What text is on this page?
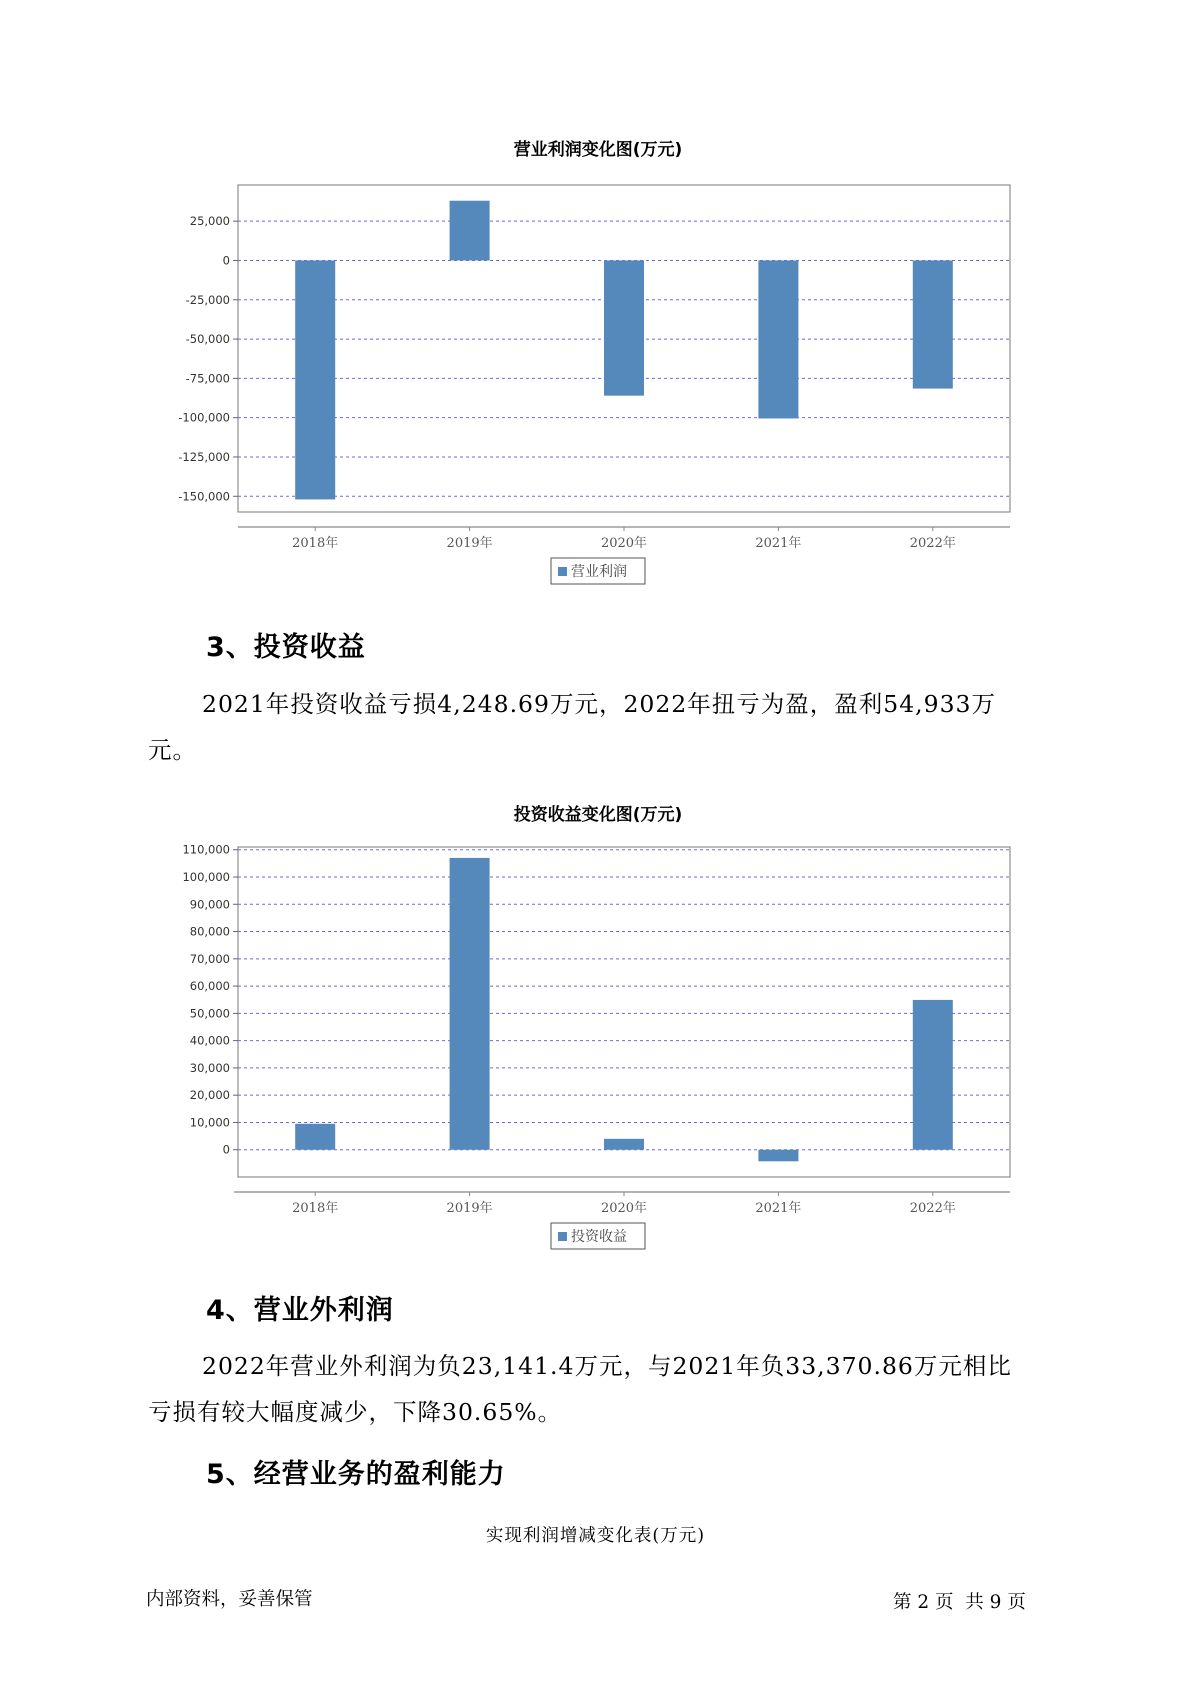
营业利润变化图(万元)
25,000
0
-25,000
-50,000
-75,000
-100,000
-125,000
-150,000
2018年	2019年	2020年	2021年	2022年
营业利润
3、投资收益
2021年投资收益亏损4,248.69万元，2022年扭亏为盈，盈利54,933万
元。
投资收益变化图(万元)
110,000
100,000
90,000
80,000
70,000
60,000
50,000
40,000
30,000
20,000
10,000
0
2018年	2019年	2020年	2021年	2022年
投资收益
4、营业外利润
2022年营业外利润为负23,141.4万元，与2021年负33,370.86万元相比
亏损有较大幅度减少，下降30.65%。
5、经营业务的盈利能力
实现利润增减变化表(万元)
内部资料，妥善保管	第 2 页  共 9 页
